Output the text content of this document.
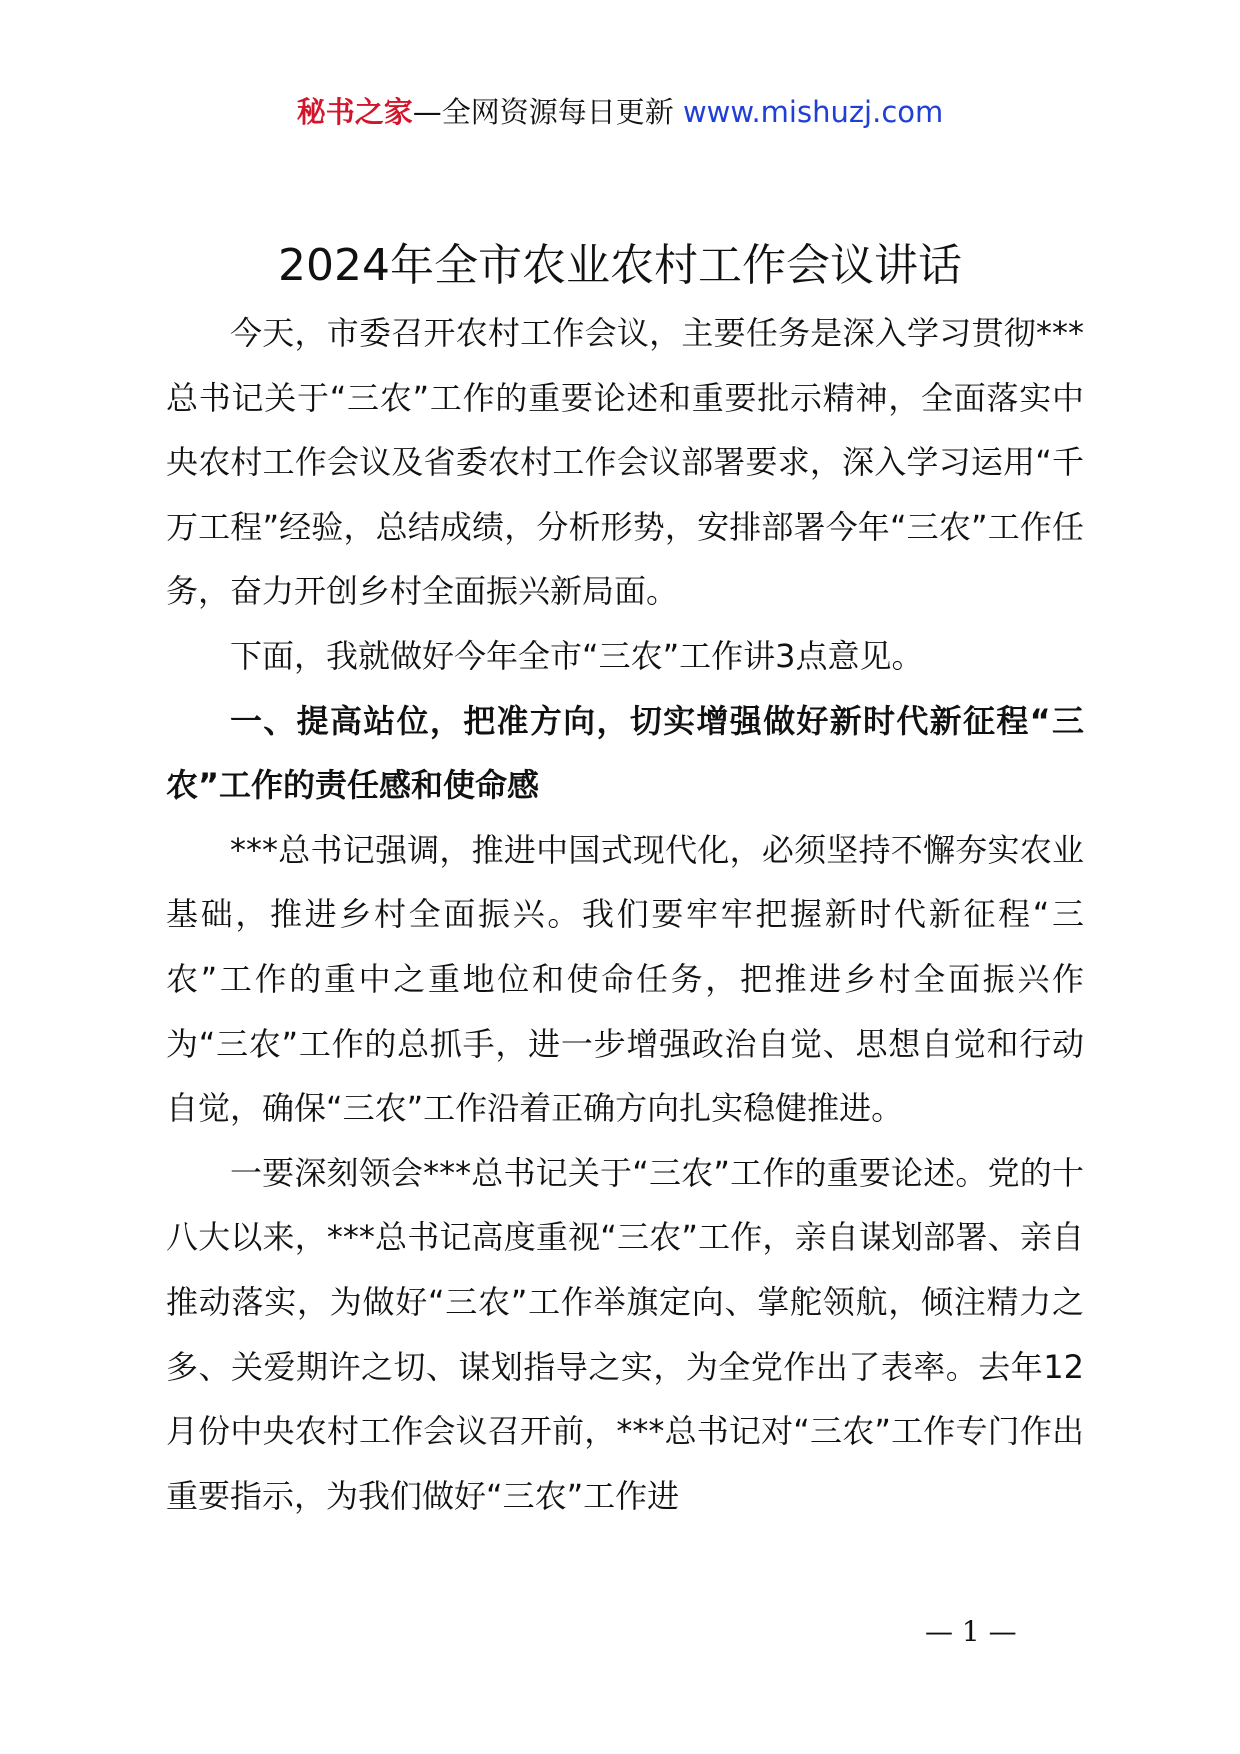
秘书之家—全网资源每日更新 www.mishuzj.com
2024年全市农业农村工作会议讲话

今天，市委召开农村工作会议，主要任务是深入学习贯彻***总书记关于“三农”工作的重要论述和重要批示精神，全面落实中央农村工作会议及省委农村工作会议部署要求，深入学习运用“千万工程”经验，总结成绩，分析形势，安排部署今年“三农”工作任务，奋力开创乡村全面振兴新局面。

下面，我就做好今年全市“三农”工作讲3点意见。

一、提高站位，把准方向，切实增强做好新时代新征程“三农”工作的责任感和使命感

***总书记强调，推进中国式现代化，必须坚持不懈夯实农业基础，推进乡村全面振兴。我们要牢牢把握新时代新征程“三农”工作的重中之重地位和使命任务，把推进乡村全面振兴作为“三农”工作的总抓手，进一步增强政治自觉、思想自觉和行动自觉，确保“三农”工作沿着正确方向扎实稳健推进。

一要深刻领会***总书记关于“三农”工作的重要论述。党的十八大以来，***总书记高度重视“三农”工作，亲自谋划部署、亲自推动落实，为做好“三农”工作举旗定向、掌舵领航，倾注精力之多、关爱期许之切、谋划指导之实，为全党作出了表率。去年12月份中央农村工作会议召开前，***总书记对“三农”工作专门作出重要指示，为我们做好“三农”工作进

— 1 —
